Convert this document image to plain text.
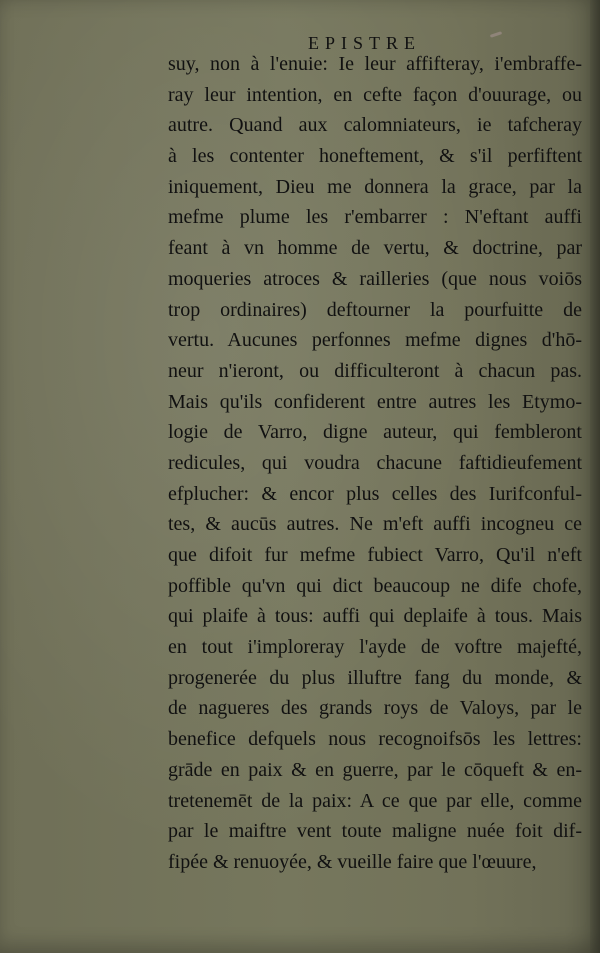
EPISTRE
suy, non à l'enuie: Ie leur affifteray, i'embraffe-
ray leur intention, en cefte façon d'ouurage, ou
autre. Quand aux calomniateurs, ie tafcheray
à les contenter honeftement, & s'il perfiftent
iniquement, Dieu me donnera la grace, par la
mefme plume les r'embarrer : N'eftant auffi
feant à vn homme de vertu, & doctrine, par
moqueries atroces & railleries (que nous voiōs
trop ordinaires) deftourner la pourfuitte de
vertu. Aucunes perfonnes mefme dignes d'hō-
neur n'ieront, ou difficulteront à chacun pas.
Mais qu'ils confiderent entre autres les Etymo-
logie de Varro, digne auteur, qui fembleront
redicules, qui voudra chacune faftidieufement
efplucher: & encor plus celles des Iurifconful-
tes, & aucūs autres. Ne m'eft auffi incogneu ce
que difoit fur mefme fubiect Varro, Qu'il n'eft
poffible qu'vn qui dict beaucoup ne dife chofe,
qui plaife à tous: auffi qui deplaife à tous. Mais
en tout i'imploreray l'ayde de voftre majefté,
progenerée du plus illuftre fang du monde, &
de nagueres des grands roys de Valoys, par le
benefice defquels nous recognoifsōs les lettres:
grāde en paix & en guerre, par le cōqueft & en-
tretenemēt de la paix: A ce que par elle, comme
par le maiftre vent toute maligne nuée foit dif-
fipée & renuoyée, & vueille faire que l'œuure,
